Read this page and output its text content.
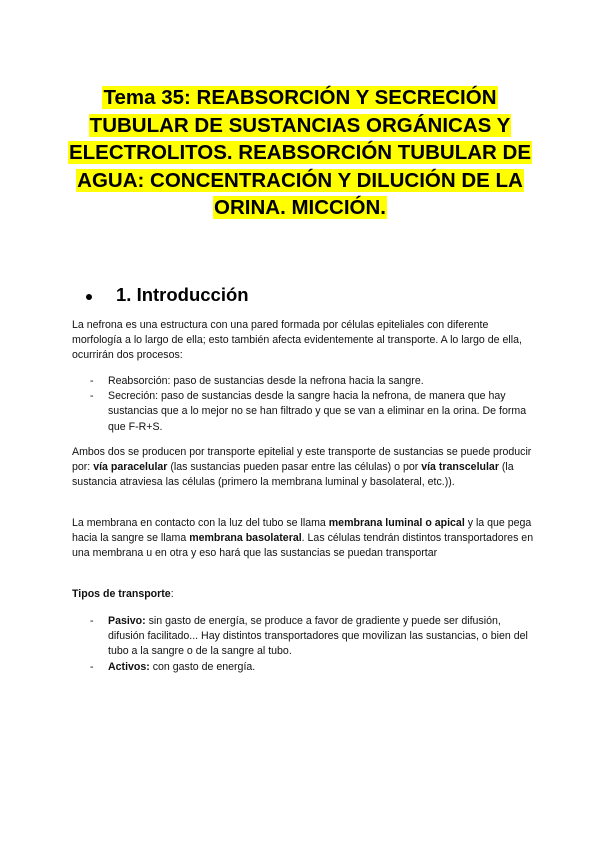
Tema 35: REABSORCIÓN Y SECRECIÓN
TUBULAR DE SUSTANCIAS ORGÁNICAS Y
ELECTROLITOS. REABSORCIÓN TUBULAR DE
AGUA: CONCENTRACIÓN Y DILUCIÓN DE LA
ORINA. MICCIÓN.
1. Introducción

La nefrona es una estructura con una pared formada por células epiteliales con diferente morfología a lo largo de ella; esto también afecta evidentemente al transporte. A lo largo de ella, ocurrirán dos procesos:

- Reabsorción: paso de sustancias desde la nefrona hacia la sangre.
- Secreción: paso de sustancias desde la sangre hacia la nefrona, de manera que hay sustancias que a lo mejor no se han filtrado y que se van a eliminar en la orina. De forma que F-R+S.

Ambos dos se producen por transporte epitelial y este transporte de sustancias se puede producir por: vía paracelular (las sustancias pueden pasar entre las células) o por vía transcelular (la sustancia atraviesa las células (primero la membrana luminal y basolateral, etc.)).

La membrana en contacto con la luz del tubo se llama membrana luminal o apical y la que pega hacia la sangre se llama membrana basolateral. Las células tendrán distintos transportadores en una membrana u en otra y eso hará que las sustancias se puedan transportar

Tipos de transporte:

- Pasivo: sin gasto de energía, se produce a favor de gradiente y puede ser difusión, difusión facilitado... Hay distintos transportadores que movilizan las sustancias, o bien del tubo a la sangre o de la sangre al tubo.
- Activos: con gasto de energía.
